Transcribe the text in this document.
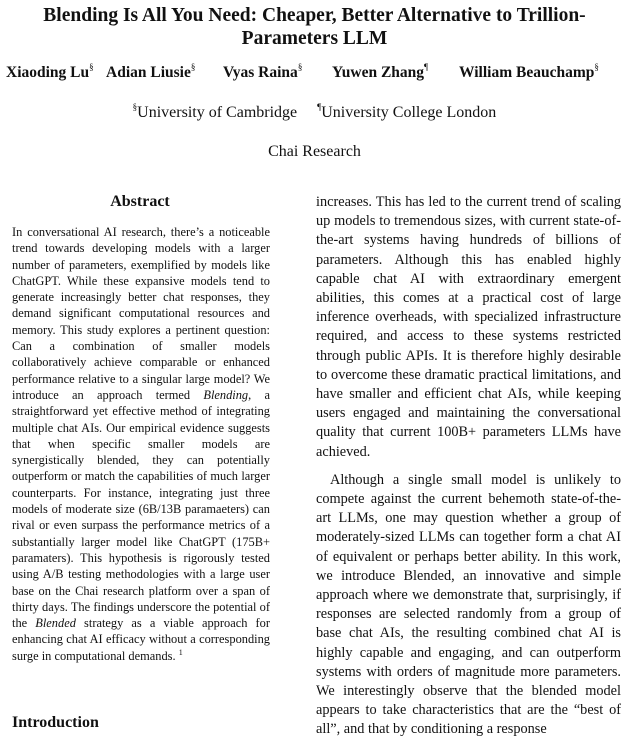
Blending Is All You Need: Cheaper, Better Alternative to Trillion-Parameters LLM
Xiaoding Lu§ Adian Liusie§ Vyas Raina§ Yuwen Zhang¶ William Beauchamp§
§University of Cambridge ¶University College London
Chai Research
Abstract
In conversational AI research, there’s a noticeable trend towards developing models with a larger number of parameters, exemplified by models like ChatGPT. While these expansive models tend to generate increasingly better chat responses, they demand significant computational resources and memory. This study explores a pertinent question: Can a combination of smaller models collaboratively achieve comparable or enhanced performance relative to a singular large model? We introduce an approach termed Blending, a straightforward yet effective method of integrating multiple chat AIs. Our empirical evidence suggests that when specific smaller models are synergistically blended, they can potentially outperform or match the capabilities of much larger counterparts. For instance, integrating just three models of moderate size (6B/13B paramaeters) can rival or even surpass the performance metrics of a substantially larger model like ChatGPT (175B+ paramaters). This hypothesis is rigorously tested using A/B testing methodologies with a large user base on the Chai research platform over a span of thirty days. The findings underscore the potential of the Blended strategy as a viable approach for enhancing chat AI efficacy without a corresponding surge in computational demands. $^1$
Introduction

increases. This has led to the current trend of scaling up models to tremendous sizes, with current state-of-the-art systems having hundreds of billions of parameters. Although this has enabled highly capable chat AI with extraordinary emergent abilities, this comes at a practical cost of large inference overheads, with specialized infrastructure required, and access to these systems restricted through public APIs. It is therefore highly desirable to overcome these dramatic practical limitations, and have smaller and efficient chat AIs, while keeping users engaged and maintaining the conversational quality that current 100B+ parameters LLMs have achieved.

Although a single small model is unlikely to compete against the current behemoth state-of-the-art LLMs, one may question whether a group of moderately-sized LLMs can together form a chat AI of equivalent or perhaps better ability. In this work, we introduce Blended, an innovative and simple approach where we demonstrate that, surprisingly, if responses are selected randomly from a group of base chat AIs, the resulting combined chat AI is highly capable and engaging, and can outperform systems with orders of magnitude more parameters. We interestingly observe that the blended model appears to take characteristics that are the “best of all”, and that by conditioning a response
